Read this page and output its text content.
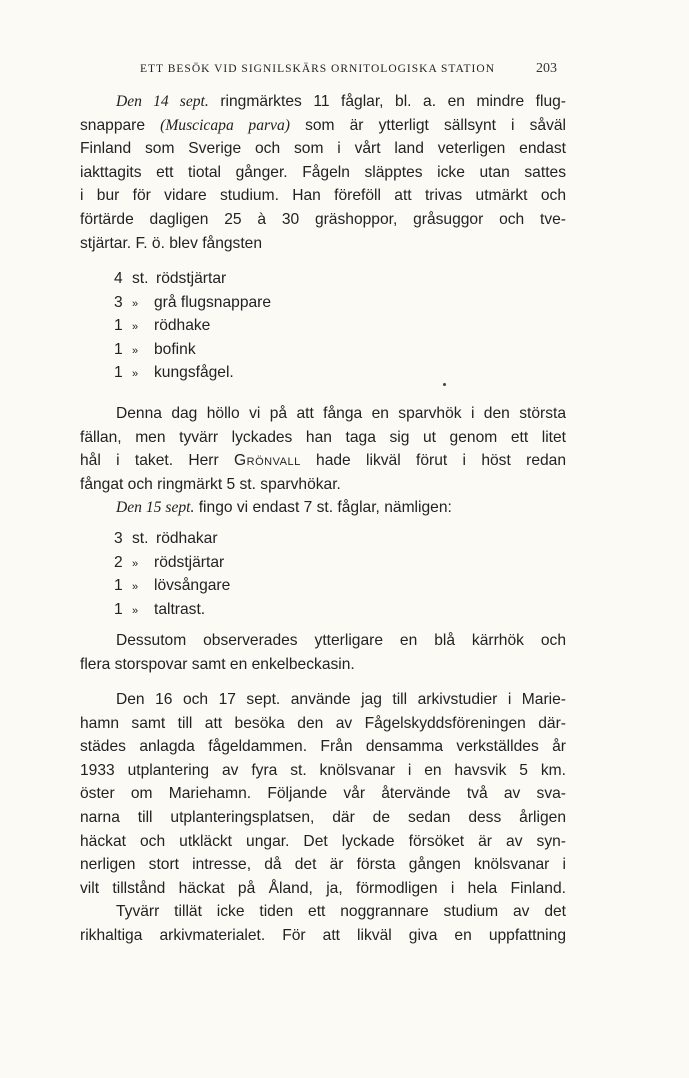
ETT BESÖK VID SIGNILSKÄRS ORNITOLOGISKA STATION	203
Den 14 sept. ringmärktes 11 fåglar, bl. a. en mindre flug-
snappare (Muscicapa parva) som är ytterligt sällsynt i såväl
Finland som Sverige och som i vårt land veterligen endast
iakttagits ett tiotal gånger. Fågeln släpptes icke utan sattes
i bur för vidare studium. Han föreföll att trivas utmärkt och
förtärde dagligen 25 à 30 gräshoppor, gråsuggor och tve-
stjärtar. F. ö. blev fångsten
4 st. rödstjärtar
3 » grå flugsnappare
1 » rödhake
1 » bofink
1 » kungsfågel.
Denna dag höllo vi på att fånga en sparvhök i den största
fällan, men tyvärr lyckades han taga sig ut genom ett litet
hål i taket. Herr Grönvall hade likväl förut i höst redan
fångat och ringmärkt 5 st. sparvhökar.
Den 15 sept. fingo vi endast 7 st. fåglar, nämligen:
3 st. rödhakar
2 » rödstjärtar
1 » lövsångare
1 » taltrast.
Dessutom observerades ytterligare en blå kärrhök och
flera storspovar samt en enkelbeckasin.
Den 16 och 17 sept. använde jag till arkivstudier i Marie-
hamn samt till att besöka den av Fågelskyddsföreningen där-
städes anlagda fågeldammen. Från densamma verkställdes år
1933 utplantering av fyra st. knölsvanar i en havsvik 5 km.
öster om Mariehamn. Följande vår återvände två av sva-
narna till utplanteringsplatsen, där de sedan dess årligen
häckat och utkläckt ungar. Det lyckade försöket är av syn-
nerligen stort intresse, då det är första gången knölsvanar i
vilt tillstånd häckat på Åland, ja, förmodligen i hela Finland.
Tyvärr tillät icke tiden ett noggrannare studium av det
rikhaltiga arkivmaterialet. För att likväl giva en uppfattning
